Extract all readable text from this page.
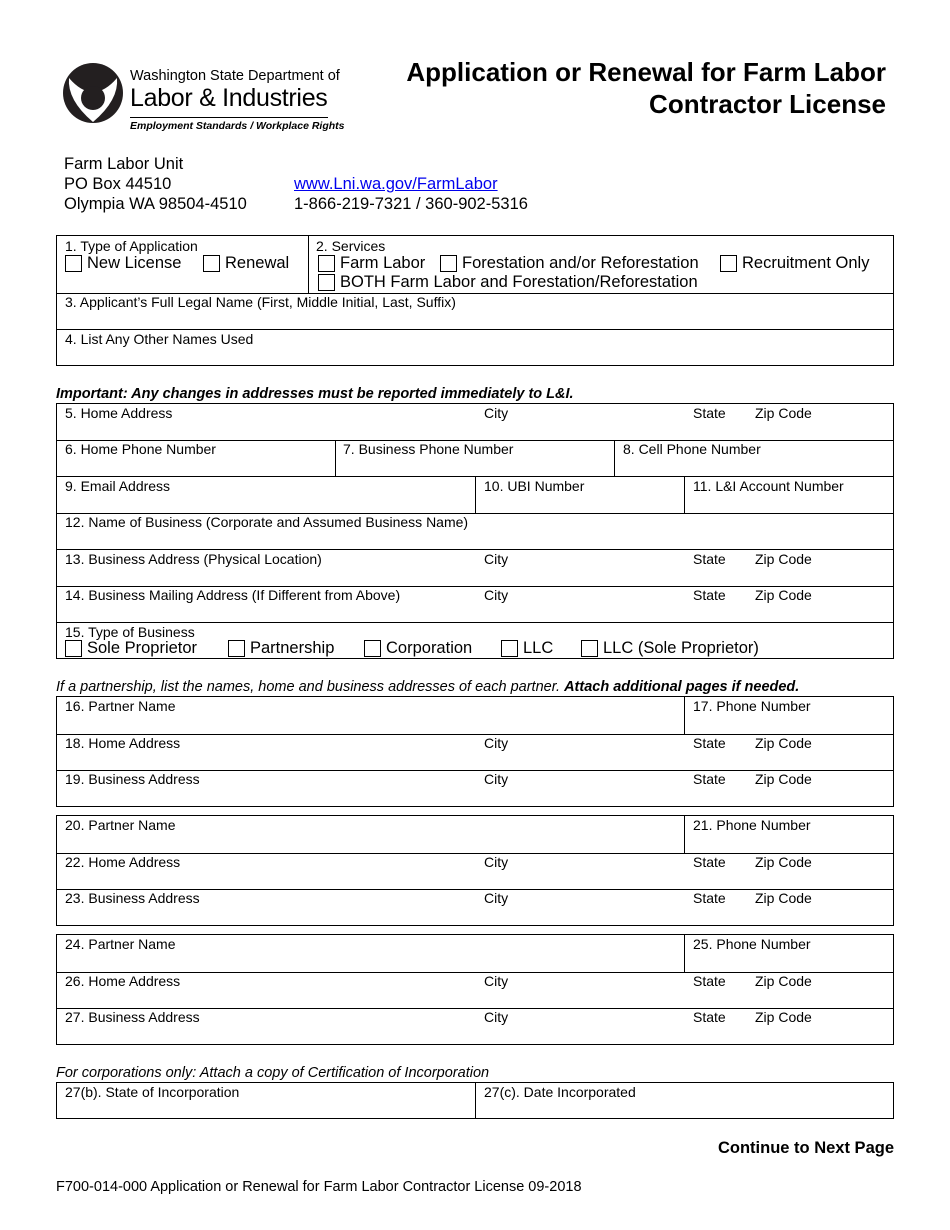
Washington State Department of
Labor & Industries
Employment Standards / Workplace Rights
Application or Renewal for Farm Labor
Contractor License
Farm Labor Unit
PO Box 44510
Olympia WA 98504-4510
www.Lni.wa.gov/FarmLabor
1-866-219-7321 / 360-902-5316
1. Type of Application
New License	Renewal
2. Services
Farm Labor Forestation and/or Reforestation	Recruitment Only
BOTH Farm Labor and Forestation/Reforestation
3. Applicant’s Full Legal Name (First, Middle Initial, Last, Suffix)
4. List Any Other Names Used
Important: Any changes in addresses must be reported immediately to L&I.
5. Home Address	City	State Zip Code
6. Home Phone Number	7. Business Phone Number	8. Cell Phone Number
9. Email Address	10. UBI Number	11. L&I Account Number
12. Name of Business (Corporate and Assumed Business Name)
13. Business Address (Physical Location)	City	State Zip Code
14. Business Mailing Address (If Different from Above)	City	State Zip Code
15. Type of Business
Sole Proprietor	Partnership	Corporation	LLC	LLC (Sole Proprietor)
If a partnership, list the names, home and business addresses of each partner. Attach additional pages if needed.
16. Partner Name	17. Phone Number
18. Home Address	City	State Zip Code
19. Business Address	City	State Zip Code
20. Partner Name	21. Phone Number
22. Home Address	City	State Zip Code
23. Business Address	City	State Zip Code
24. Partner Name	25. Phone Number
26. Home Address	City	State Zip Code
27. Business Address	City	State Zip Code
For corporations only: Attach a copy of Certification of Incorporation
27(b). State of Incorporation	27(c). Date Incorporated
Continue to Next Page
F700-014-000 Application or Renewal for Farm Labor Contractor License 09-2018
